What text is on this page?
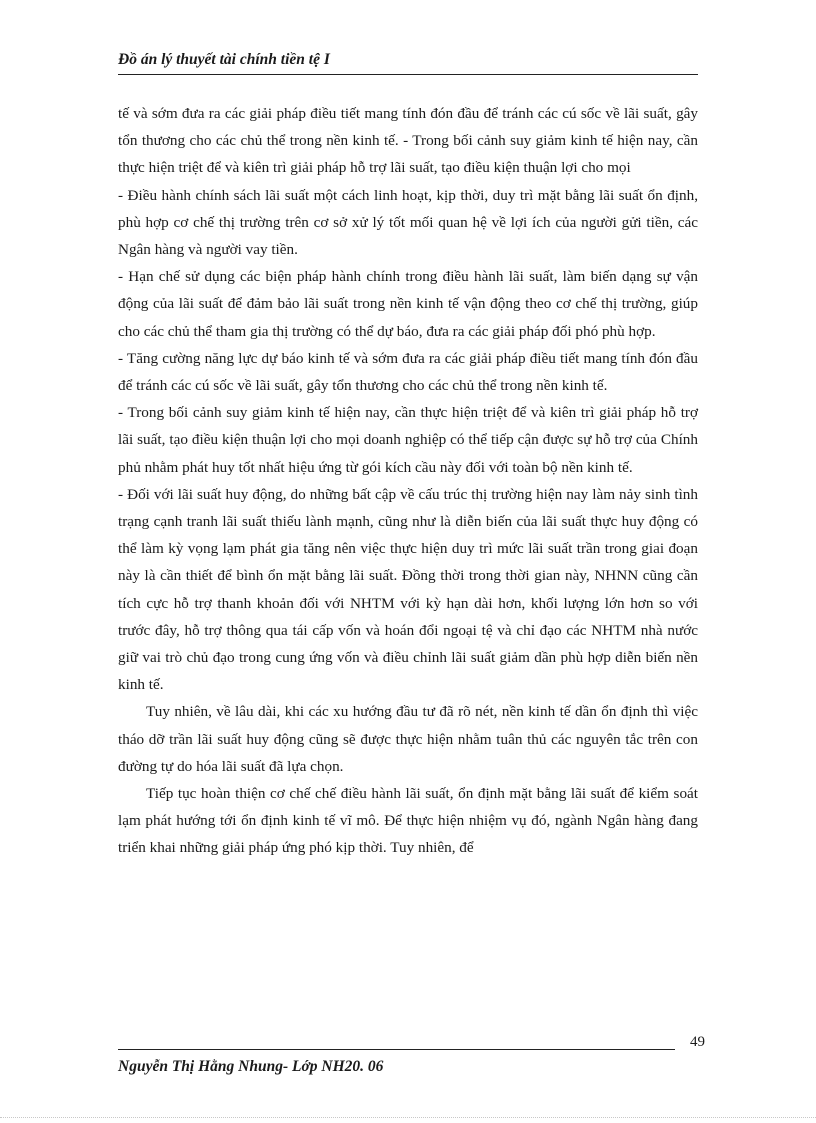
Đồ án lý thuyết tài chính tiền tệ I

tế và sớm đưa ra các giải pháp điều tiết mang tính đón đầu để tránh các cú sốc về lãi suất, gây tổn thương cho các chủ thể trong nền kinh tế. - Trong bối cảnh suy giảm kinh tế hiện nay, cần thực hiện triệt để và kiên trì giải pháp hỗ trợ lãi suất, tạo điều kiện thuận lợi cho mọi

- Điều hành chính sách lãi suất một cách linh hoạt, kịp thời, duy trì mặt bằng lãi suất ổn định, phù hợp cơ chế thị trường trên cơ sở xử lý tốt mối quan hệ về lợi ích của người gửi tiền, các Ngân hàng và người vay tiền.

- Hạn chế sử dụng các biện pháp hành chính trong điều hành lãi suất, làm biến dạng sự vận động của lãi suất để đảm bảo lãi suất trong nền kinh tế vận động theo cơ chế thị trường, giúp cho các chủ thể tham gia thị trường có thể dự báo, đưa ra các giải pháp đối phó phù hợp.

- Tăng cường năng lực dự báo kinh tế và sớm đưa ra các giải pháp điều tiết mang tính đón đầu để tránh các cú sốc về lãi suất, gây tổn thương cho các chủ thể trong nền kinh tế.

- Trong bối cảnh suy giảm kinh tế hiện nay, cần thực hiện triệt để và kiên trì giải pháp hỗ trợ lãi suất, tạo điều kiện thuận lợi cho mọi doanh nghiệp có thể tiếp cận được sự hỗ trợ của Chính phủ nhằm phát huy tốt nhất hiệu ứng từ gói kích cầu này đối với toàn bộ nền kinh tế.

- Đối với lãi suất huy động, do những bất cập về cấu trúc thị trường hiện nay làm nảy sinh tình trạng cạnh tranh lãi suất thiếu lành mạnh, cũng như là diễn biến của lãi suất thực huy động có thể làm kỳ vọng lạm phát gia tăng nên việc thực hiện duy trì mức lãi suất trần trong giai đoạn này là cần thiết để bình ổn mặt bằng lãi suất. Đồng thời trong thời gian này, NHNN cũng cần tích cực hỗ trợ thanh khoản đối với NHTM với kỳ hạn dài hơn, khối lượng lớn hơn so với trước đây, hỗ trợ thông qua tái cấp vốn và hoán đổi ngoại tệ và chỉ đạo các NHTM nhà nước giữ vai trò chủ đạo trong cung ứng vốn và điều chỉnh lãi suất giảm dần phù hợp diễn biến nền kinh tế.

Tuy nhiên, về lâu dài, khi các xu hướng đầu tư đã rõ nét, nền kinh tế dần ổn định thì việc tháo dỡ trần lãi suất huy động cũng sẽ được thực hiện nhằm tuân thủ các nguyên tắc trên con đường tự do hóa lãi suất đã lựa chọn.

Tiếp tục hoàn thiện cơ chế chế điều hành lãi suất, ổn định mặt bằng lãi suất để kiểm soát lạm phát hướng tới ổn định kinh tế vĩ mô. Để thực hiện nhiệm vụ đó, ngành Ngân hàng đang triển khai những giải pháp ứng phó kịp thời. Tuy nhiên, để

49
Nguyễn Thị Hằng Nhung- Lớp NH20. 06
